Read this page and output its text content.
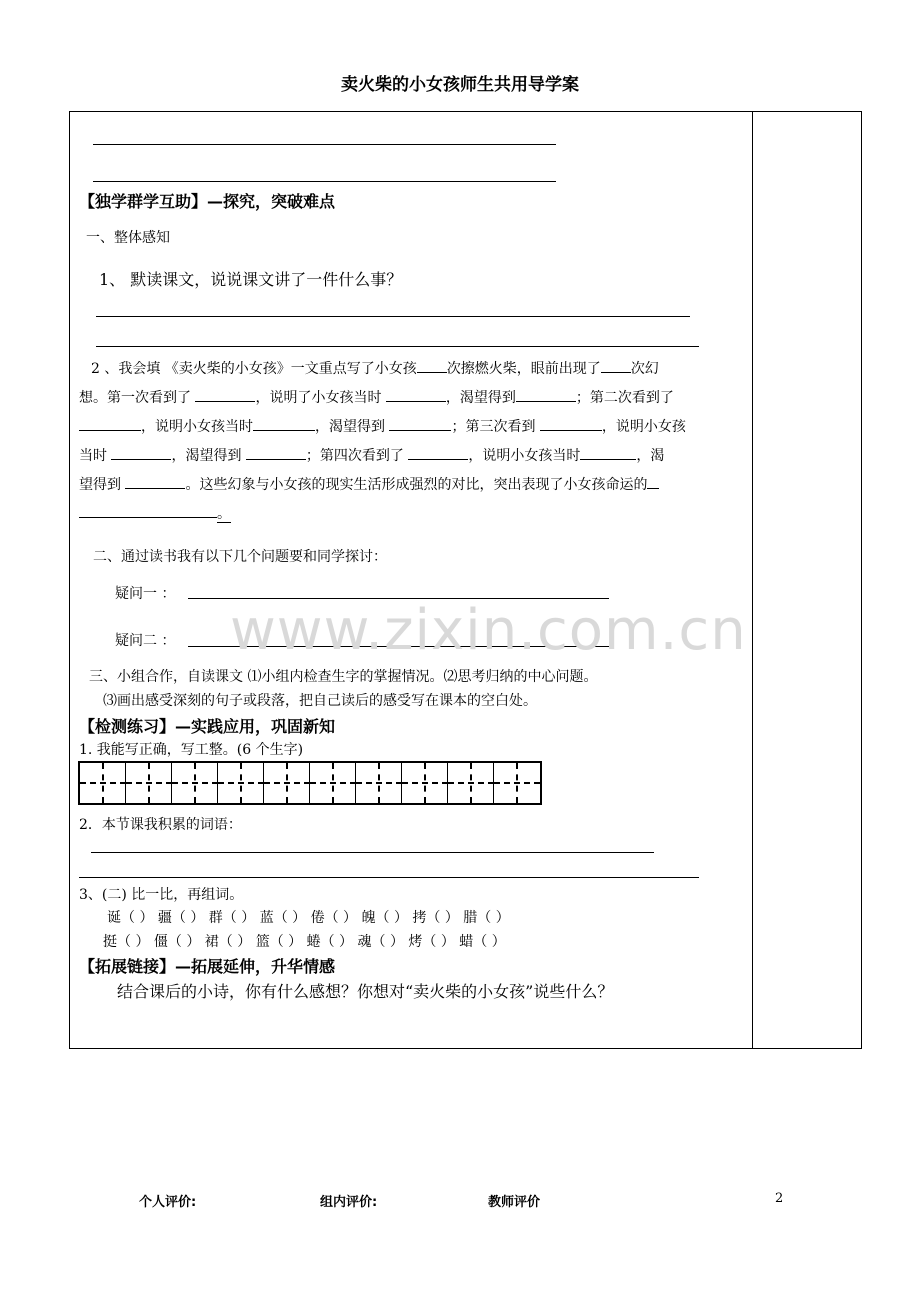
卖火柴的小女孩师生共用导学案
【独学群学互助】—探究，突破难点
一、整体感知
1、 默读课文，说说课文讲了一件什么事？
2 、我会填 《卖火柴的小女孩》一文重点写了小女孩 次擦燃火柴，眼前出现了 次幻
想。第一次看到了	，说明了小女孩当时	，渴望得到	；第二次看到了
，说明小女孩当时	，渴望得到	；第三次看到	，说明小女孩
当时	，渴望得到	；第四次看到了	，说明小女孩当时	，渴
望得到	。这些幻象与小女孩的现实生活形成强烈的对比，突出表现了小女孩命运的
。
二、通过读书我有以下几个问题要和同学探讨：
疑问一 ：
疑问二 ： www.zixin.com.cn
三、小组合作，自读课文 ⑴小组内检查生字的掌握情况。⑵思考归纳的中心问题。
⑶画出感受深刻的句子或段落，把自己读后的感受写在课本的空白处。
【检测练习】—实践应用，巩固新知
1. 我能写正确，写工整。(6 个生字)
2．本节课我积累的词语：
3、(二) 比一比，再组词。
诞（ ） 疆（ ） 群（ ） 蓝（ ） 倦（ ） 魄（ ） 拷（ ） 腊（ ）
挺（ ） 僵（ ） 裙（ ） 篮（ ） 蜷（ ） 魂（ ） 烤（ ） 蜡（ ）
【拓展链接】—拓展延伸，升华情感
结合课后的小诗，你有什么感想？你想对“卖火柴的小女孩”说些什么？
个人评价:	组内评价:	教师评价	2
